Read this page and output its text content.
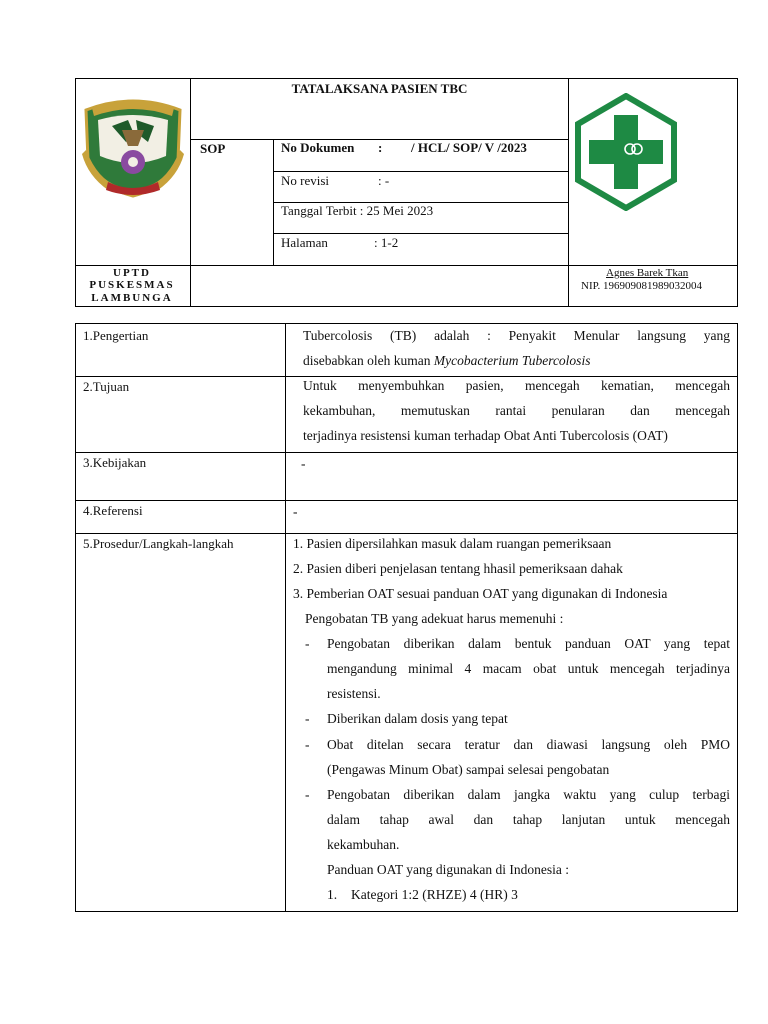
TATALAKSANA PASIEN TBC
SOP	No Dokumen : / HCL/ SOP/ V /2023
No revisi	: -
Tanggal Terbit : 25 Mei 2023
Halaman	: 1-2
UPTD
PUSKESMAS
LAMBUNGA
Agnes Barek Tkan
NIP. 196909081989032004
1.Pengertian	Tubercolosis (TB) adalah : Penyakit Menular langsung yang
disebabkan oleh kuman Mycobacterium Tubercolosis
2.Tujuan	Untuk menyembuhkan pasien, mencegah kematian, mencegah
kekambuhan, memutuskan rantai penularan dan mencegah
terjadinya resistensi kuman terhadap Obat Anti Tubercolosis (OAT)
3.Kebijakan	-
4.Referensi	-
5.Prosedur/Langkah-langkah	1. Pasien dipersilahkan masuk dalam ruangan pemeriksaan
2. Pasien diberi penjelasan tentang hhasil pemeriksaan dahak
3. Pemberian OAT sesuai panduan OAT yang digunakan di Indonesia
Pengobatan TB yang adekuat harus memenuhi :
- Pengobatan diberikan dalam bentuk panduan OAT yang tepat
mengandung minimal 4 macam obat untuk mencegah terjadinya
resistensi.
- Diberikan dalam dosis yang tepat
- Obat ditelan secara teratur dan diawasi langsung oleh PMO
(Pengawas Minum Obat) sampai selesai pengobatan
- Pengobatan diberikan dalam jangka waktu yang culup terbagi
dalam tahap awal dan tahap lanjutan untuk mencegah
kekambuhan.
Panduan OAT yang digunakan di Indonesia :
1. Kategori 1:2 (RHZE) 4 (HR) 3
